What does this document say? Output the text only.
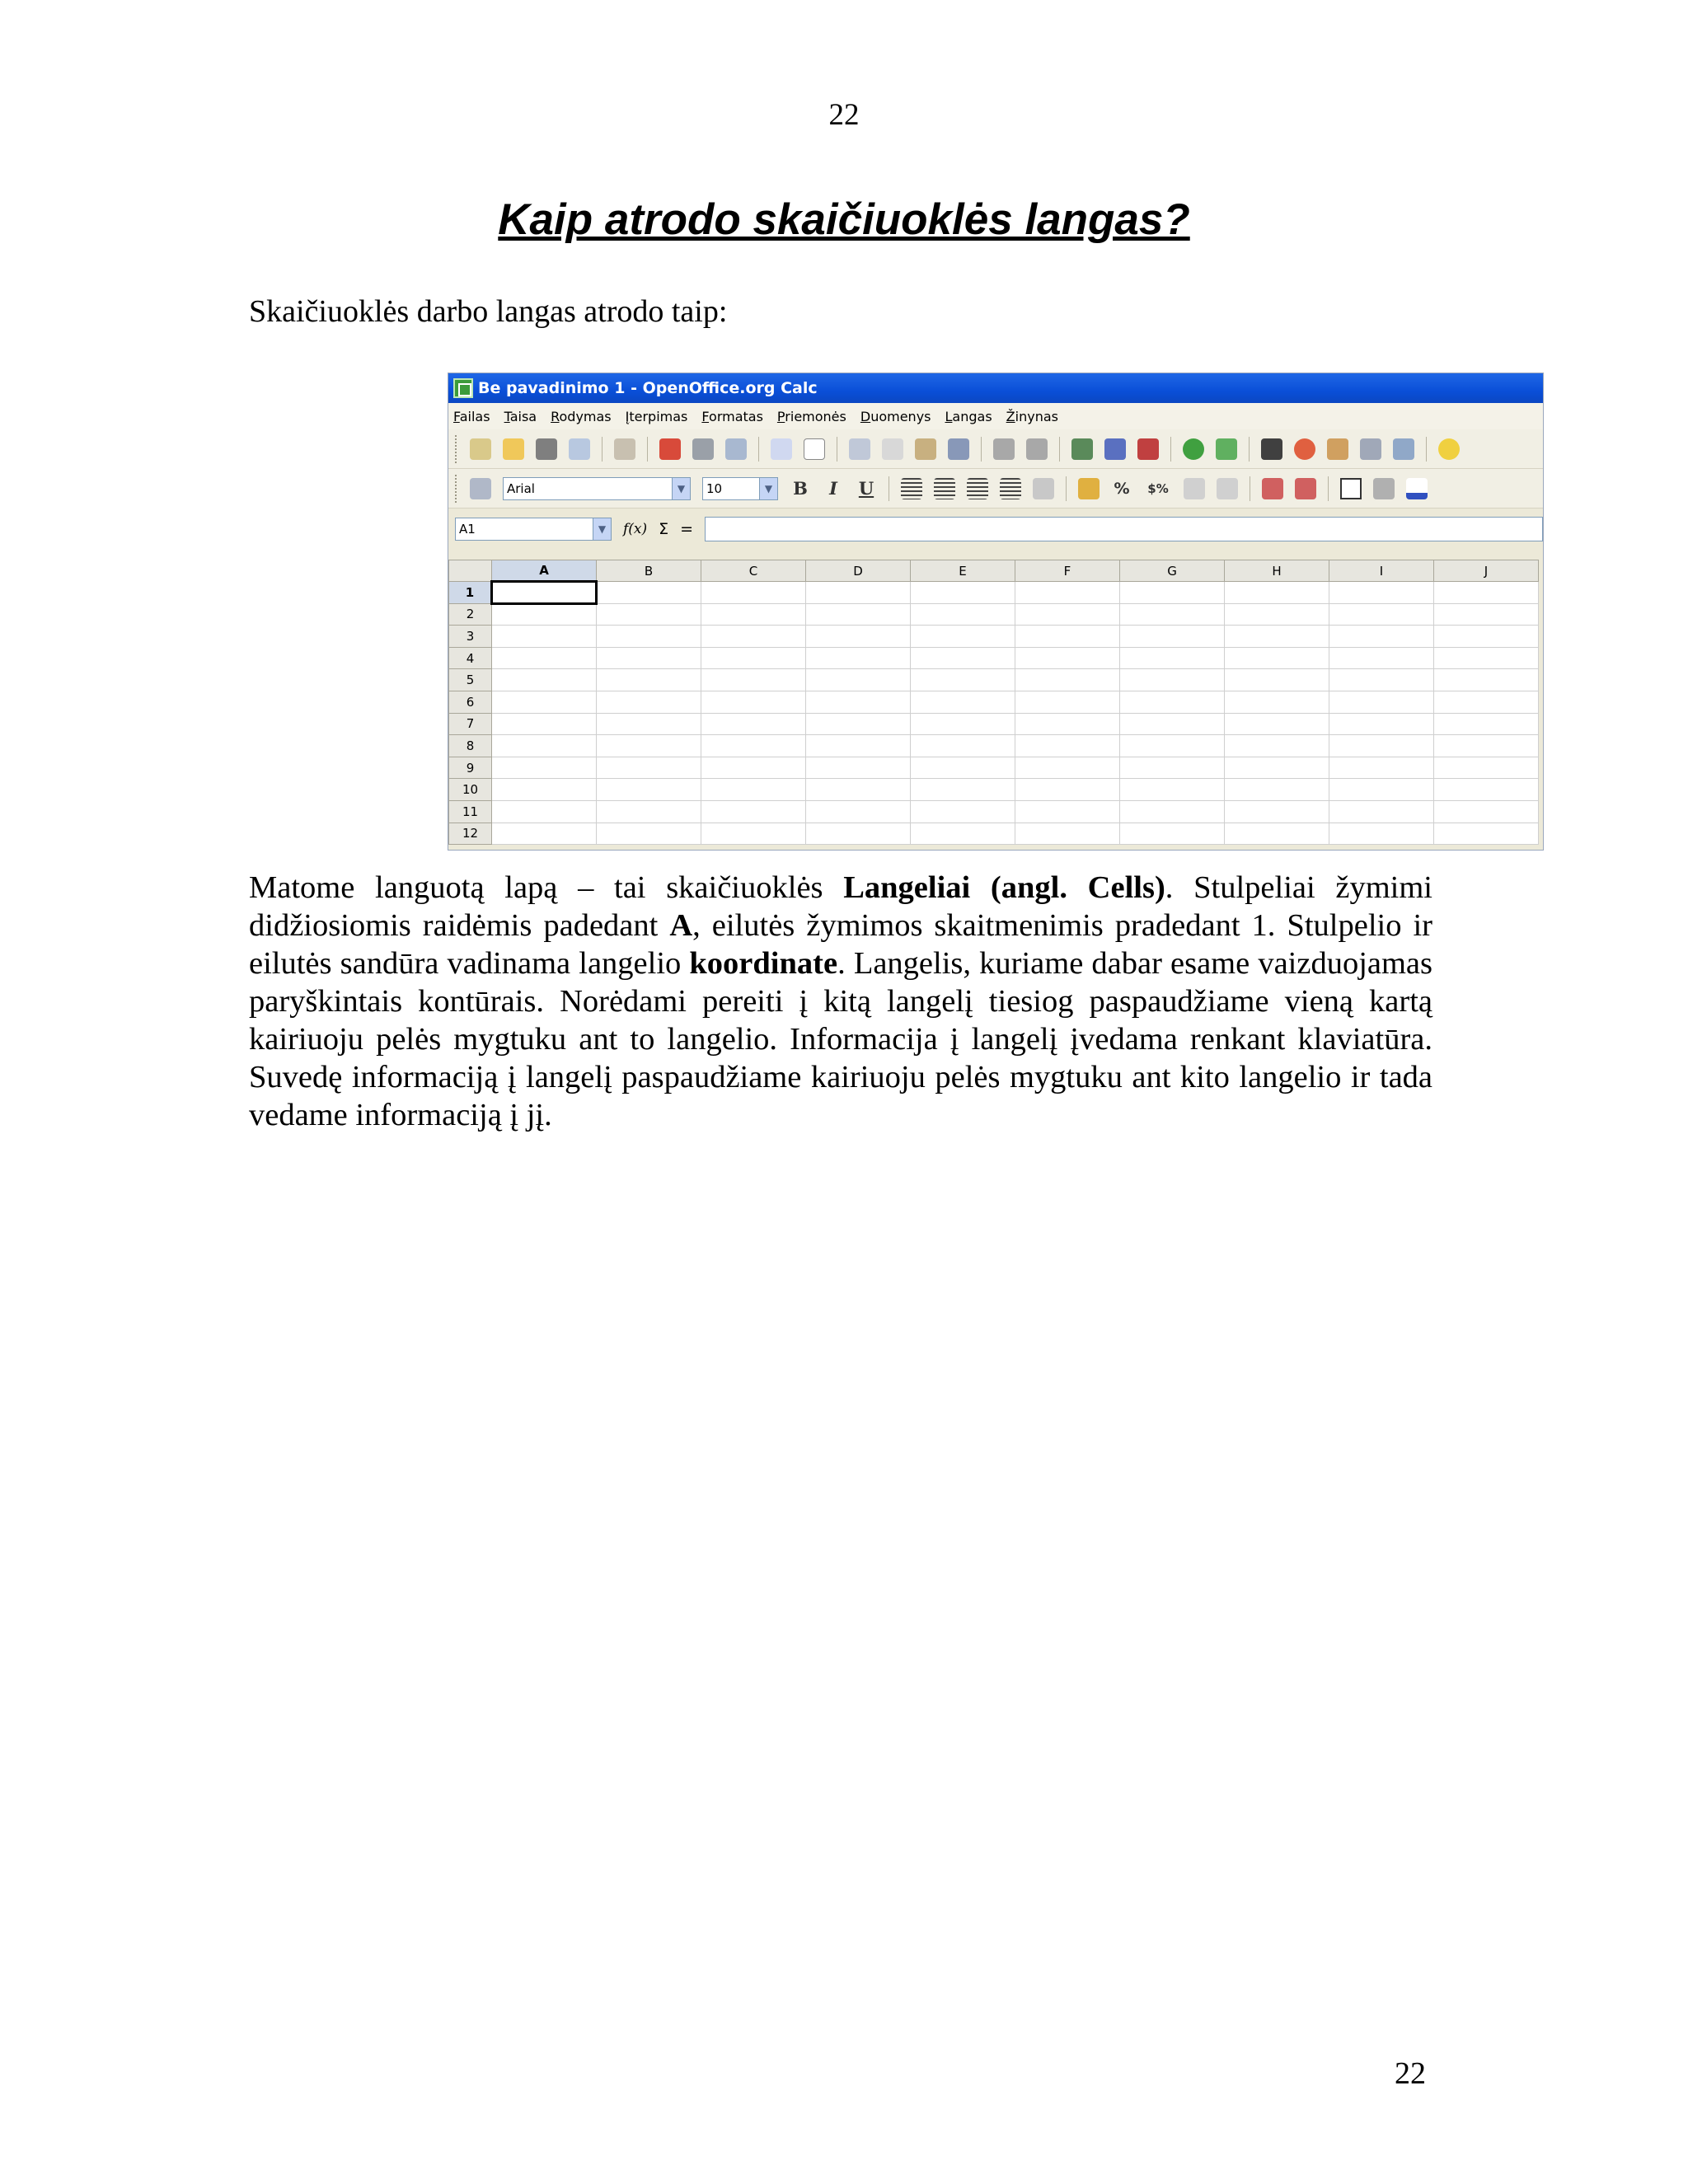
22
Kaip atrodo skaičiuoklės langas?

Skaičiuoklės darbo langas atrodo taip:

Be pavadinimo 1 - OpenOffice.org Calc
Failas Taisa Rodymas Įterpimas Formatas Priemonės Duomenys Langas Žinynas
Arial	▼	10	▼ B	I	U	% $%
A1	▼	f(x) Σ =
	A	B	C	D	E	F	G	H	I	J
1										
2										
3										
4										
5										
6										
7										
8										
9										
10										
11										
12										

Matome languotą lapą – tai skaičiuoklės Langeliai (angl. Cells). Stulpeliai žymimi didžiosiomis raidėmis padedant A, eilutės žymimos skaitmenimis pradedant 1. Stulpelio ir eilutės sandūra vadinama langelio koordinate. Langelis, kuriame dabar esame vaizduojamas paryškintais kontūrais. Norėdami pereiti į kitą langelį tiesiog paspaudžiame vieną kartą kairiuoju pelės mygtuku ant to langelio. Informacija į langelį įvedama renkant klaviatūra. Suvedę informaciją į langelį paspaudžiame kairiuoju pelės mygtuku ant kito langelio ir tada vedame informaciją į jį.

22
